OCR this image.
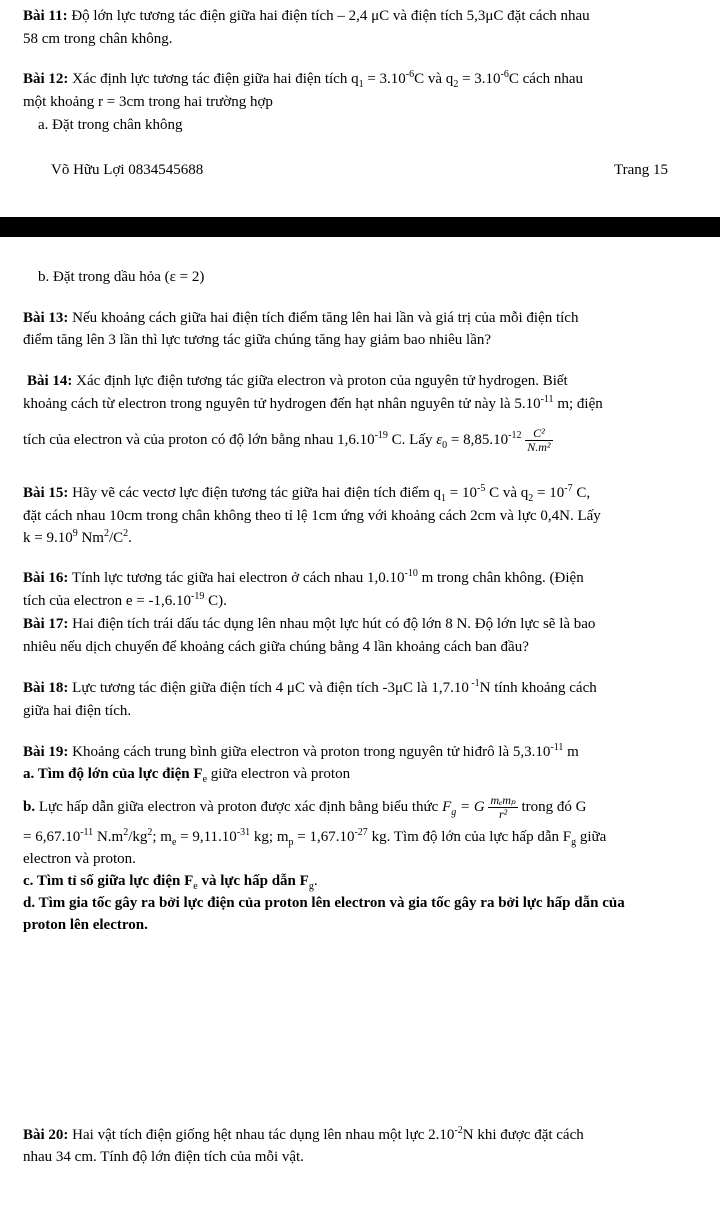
Bài 11: Độ lớn lực tương tác điện giữa hai điện tích – 2,4 μC và điện tích 5,3μC đặt cách nhau
58 cm trong chân không.
Bài 12: Xác định lực tương tác điện giữa hai điện tích $q_1 = 3.10^{-6}C$ và $q_2 = 3.10^{-6}C$ cách nhau
một khoảng r = 3cm trong hai trường hợp
a. Đặt trong chân không
Võ Hữu Lợi 0834545688	Trang 15
b. Đặt trong dầu hỏa (ε = 2)
Bài 13: Nếu khoảng cách giữa hai điện tích điểm tăng lên hai lần và giá trị của mỗi điện tích
điểm tăng lên 3 lần thì lực tương tác giữa chúng tăng hay giảm bao nhiêu lần?
Bài 14: Xác định lực điện tương tác giữa electron và proton của nguyên tử hydrogen. Biết
khoảng cách từ electron trong nguyên tử hydrogen đến hạt nhân nguyên tử này là $5.10^{-11}$ m; điện
tích của electron và của proton có độ lớn bằng nhau $1,6.10^{-19}$ C. Lấy $\varepsilon_0 = 8,85.10^{-12} \frac{\text{C²}}{\text{N.m²}}$
Bài 15: Hãy vẽ các vectơ lực điện tương tác giữa hai điện tích điểm $q_1 = 10^{-5}$ C và $q_2 = 10^{-7}$ C,
đặt cách nhau 10cm trong chân không theo tỉ lệ 1cm ứng với khoảng cách 2cm và lực 0,4N. Lấy
$k = 9.10^9$ $Nm^2/C^2$.
Bài 16: Tính lực tương tác giữa hai electron ở cách nhau $1,0.10^{-10}$ m trong chân không. (Điện
tích của electron $e = -1,6.10^{-19}$ C).
Bài 17: Hai điện tích trái dấu tác dụng lên nhau một lực hút có độ lớn 8 N. Độ lớn lực sẽ là bao
nhiêu nếu dịch chuyển để khoảng cách giữa chúng bằng 4 lần khoảng cách ban đầu?
Bài 18: Lực tương tác điện giữa điện tích 4 μC và điện tích -3μC là 1,7.10 $^{-1}$N tính khoảng cách
giữa hai điện tích.
Bài 19: Khoảng cách trung bình giữa electron và proton trong nguyên tử hiđrô là $5,3.10^{-11}$ m
a. Tìm độ lớn của lực điện $F_e$ giữa electron và proton
b. Lực hấp dẫn giữa electron và proton được xác định bằng biểu thức $F_g = G$ mₑmₚ
r² trong đó G
= $6,67.10^{-11}$ $N.m^2/kg^2$; $m_e = 9,11.10^{-31}$ kg; $m_p = 1,67.10^{-27}$ kg. Tìm độ lớn của lực hấp dẫn $F_g$ giữa
electron và proton.
c. Tìm tỉ số giữa lực điện $F_e$ và lực hấp dẫn $F_g$.
d. Tìm gia tốc gây ra bởi lực điện của proton lên electron và gia tốc gây ra bởi lực hấp dẫn của
proton lên electron.
Bài 20: Hai vật tích điện giống hệt nhau tác dụng lên nhau một lực $2.10^{-2}N$ khi được đặt cách
nhau 34 cm. Tính độ lớn điện tích của mỗi vật.
